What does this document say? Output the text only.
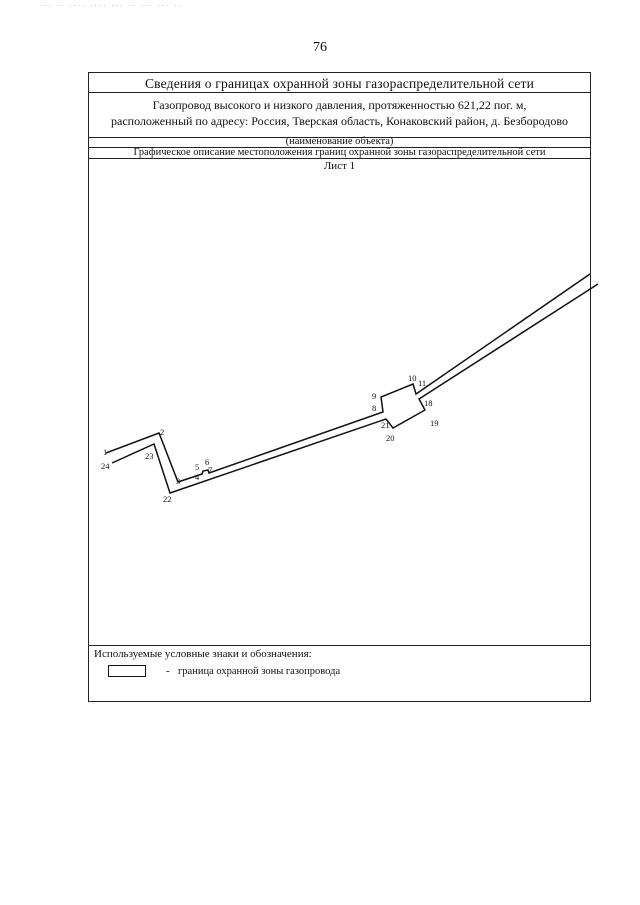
··· ·· ···· ···· ··· ·· ··· ··· ··
76
Сведения о границах охранной зоны газораспределительной сети
Газопровод высокого и низкого давления, протяженностью 621,22 пог. м,
расположенный по адресу: Россия, Тверская область, Конаковский район, д. Безбородово
(наименование объекта)
Графическое описание местоположения границ охранной зоны газораспределительной сети
Лист 1
1
2
3 4
5 6
7
8
9
10 11
18
19
20
21
22
23
24
Используемые условные знаки и обозначения:
- граница охранной зоны газопровода
